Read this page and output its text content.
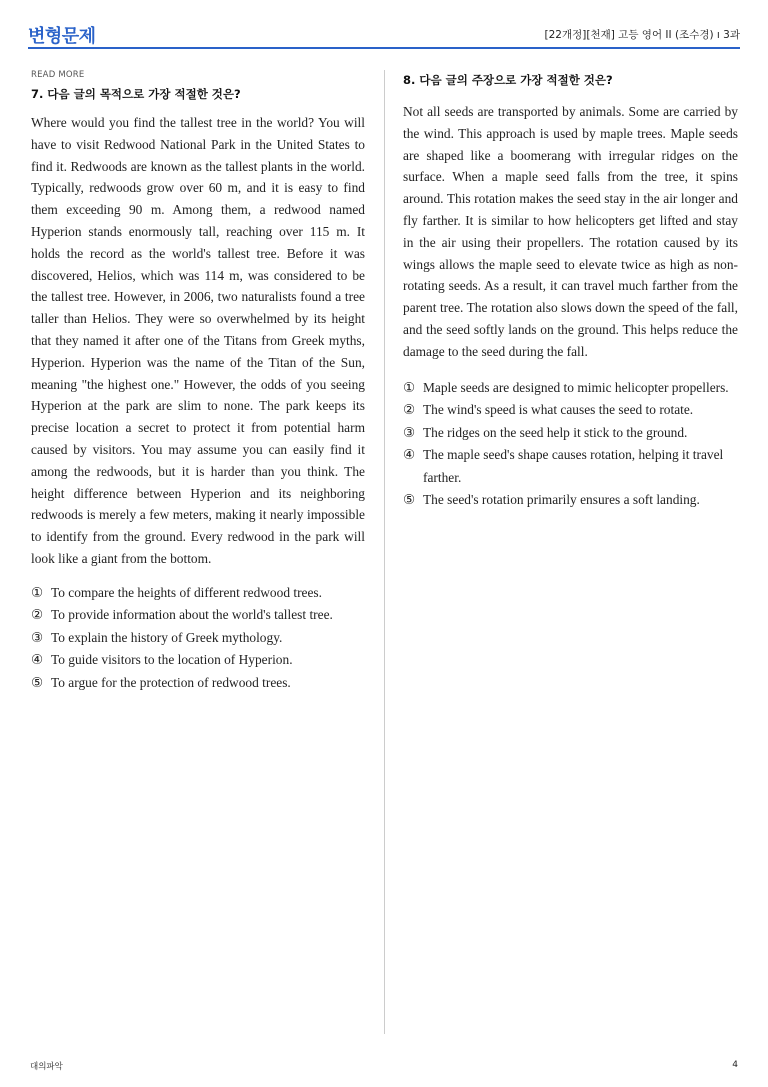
변형문제	[22개정][천재] 고등 영어 II (조수경) ı 3과
READ MORE
7. 다음 글의 목적으로 가장 적절한 것은?

Where would you find the tallest tree in the world? You will have to visit Redwood National Park in the United States to find it. Redwoods are known as the tallest plants in the world. Typically, redwoods grow over 60 m, and it is easy to find them exceeding 90 m. Among them, a redwood named Hyperion stands enormously tall, reaching over 115 m. It holds the record as the world's tallest tree. Before it was discovered, Helios, which was 114 m, was considered to be the tallest tree. However, in 2006, two naturalists found a tree taller than Helios. They were so overwhelmed by its height that they named it after one of the Titans from Greek myths, Hyperion. Hyperion was the name of the Titan of the Sun, meaning "the highest one." However, the odds of you seeing Hyperion at the park are slim to none. The park keeps its precise location a secret to protect it from potential harm caused by visitors. You may assume you can easily find it among the redwoods, but it is harder than you think. The height difference between Hyperion and its neighboring redwoods is merely a few meters, making it nearly impossible to identify from the ground. Every redwood in the park will look like a giant from the bottom.

① To compare the heights of different redwood trees.
② To provide information about the world's tallest tree.
③ To explain the history of Greek mythology.
④ To guide visitors to the location of Hyperion.
⑤ To argue for the protection of redwood trees.
8. 다음 글의 주장으로 가장 적절한 것은?

Not all seeds are transported by animals. Some are carried by the wind. This approach is used by maple trees. Maple seeds are shaped like a boomerang with irregular ridges on the surface. When a maple seed falls from the tree, it spins around. This rotation makes the seed stay in the air longer and fly farther. It is similar to how helicopters get lifted and stay in the air using their propellers. The rotation caused by its wings allows the maple seed to elevate twice as high as non-rotating seeds. As a result, it can travel much farther from the parent tree. The rotation also slows down the speed of the fall, and the seed softly lands on the ground. This helps reduce the damage to the seed during the fall.

① Maple seeds are designed to mimic helicopter propellers.
② The wind's speed is what causes the seed to rotate.
③ The ridges on the seed help it stick to the ground.
④ The maple seed's shape causes rotation, helping it travel farther.
⑤ The seed's rotation primarily ensures a soft landing.
대의파악	4
